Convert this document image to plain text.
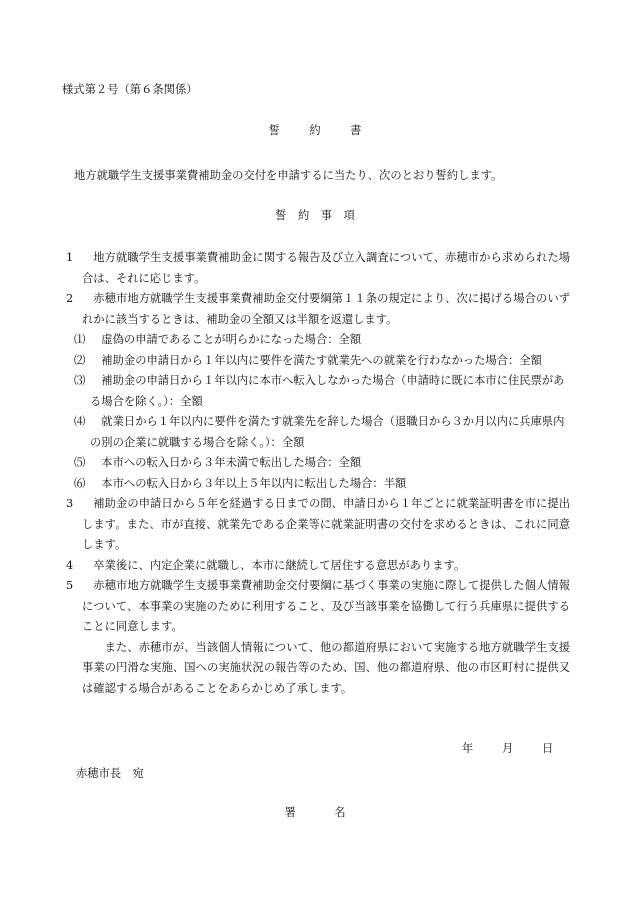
様式第２号（第６条関係）
誓　約　書
地方就職学生支援事業費補助金の交付を申請するに当たり、次のとおり誓約します。
誓 約 事 項
1	地方就職学生支援事業費補助金に関する報告及び立入調査について、赤穂市から求められた場合は、それに応じます。
2	赤穂市地方就職学生支援事業費補助金交付要綱第１１条の規定により、次に掲げる場合のいずれかに該当するときは、補助金の全額又は半額を返還します。
⑴	虚偽の申請であることが明らかになった場合：全額
⑵	補助金の申請日から１年以内に要件を満たす就業先への就業を行わなかった場合：全額
⑶	補助金の申請日から１年以内に本市へ転入しなかった場合（申請時に既に本市に住民票がある場合を除く。）：全額
⑷	就業日から１年以内に要件を満たす就業先を辞した場合（退職日から３か月以内に兵庫県内の別の企業に就職する場合を除く。）：全額
⑸	本市への転入日から３年未満で転出した場合：全額
⑹	本市への転入日から３年以上５年以内に転出した場合：半額
3	補助金の申請日から５年を経過する日までの間、申請日から１年ごとに就業証明書を市に提出します。また、市が直接、就業先である企業等に就業証明書の交付を求めるときは、これに同意します。
4	卒業後に、内定企業に就職し、本市に継続して居住する意思があります。
5	赤穂市地方就職学生支援事業費補助金交付要綱に基づく事業の実施に際して提供した個人情報について、本事業の実施のために利用すること、及び当該事業を協働して行う兵庫県に提供することに同意します。
また、赤穂市が、当該個人情報について、他の都道府県において実施する地方就職学生支援事業の円滑な実施、国への実施状況の報告等のため、国、他の都道府県、他の市区町村に提供又は確認する場合があることをあらかじめ了承します。
年	月	日
赤穂市長　宛
署　名
